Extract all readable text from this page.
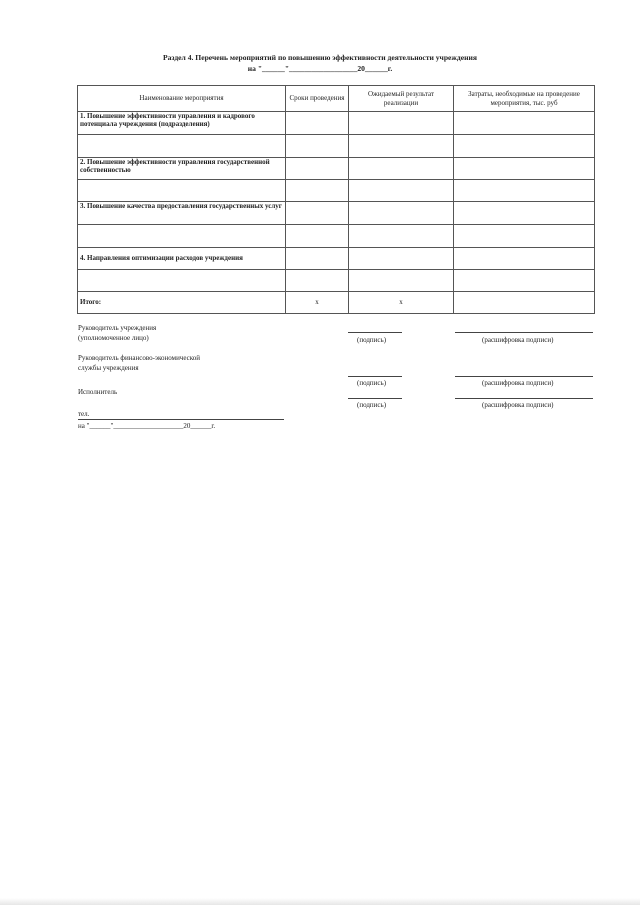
Раздел 4. Перечень мероприятий по повышению эффективности деятельности учреждения
на "______"__________________20______г.
Наименование мероприятия	Сроки проведения	Ожидаемый результат реализации	Затраты, необходимые на проведение мероприятия, тыс. руб
1. Повышение эффективности управления и кадрового потенциала учреждения (подразделения)			

2. Повышение эффективности управления государственной собственностью			

3. Повышение качества предоставления государственных услуг			

4. Направления оптимизации расходов учреждения			

Итого:	х	х	
Руководитель учреждения
(уполномоченное лицо)	(подпись)	(расшифровка подписи)
Руководитель финансово-экономической
службы учреждения
(подпись)	(расшифровка подписи)
Исполнитель
(подпись)	(расшифровка подписи)
тел.
на "______"____________________20______г.
